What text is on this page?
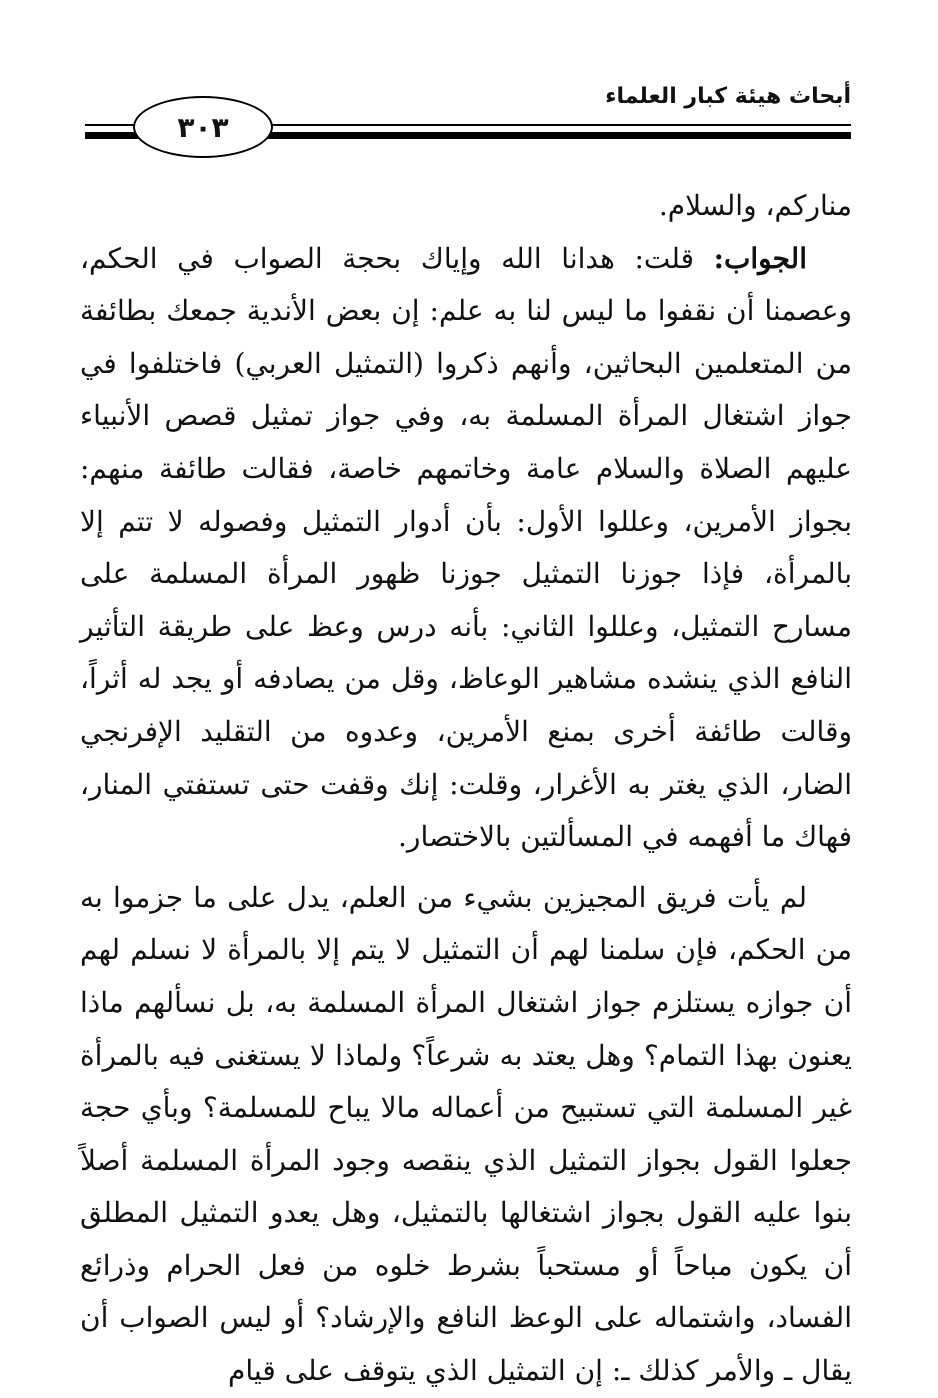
أبحاث هيئة كبار العلماء
٣٠٣

مناركم، والسلام.

الجواب: قلت: هدانا الله وإياك بحجة الصواب في الحكم، وعصمنا أن نقفوا ما ليس لنا به علم: إن بعض الأندية جمعك بطائفة من المتعلمين البحاثين، وأنهم ذكروا (التمثيل العربي) فاختلفوا في جواز اشتغال المرأة المسلمة به، وفي جواز تمثيل قصص الأنبياء عليهم الصلاة والسلام عامة وخاتمهم خاصة، فقالت طائفة منهم: بجواز الأمرين، وعللوا الأول: بأن أدوار التمثيل وفصوله لا تتم إلا بالمرأة، فإذا جوزنا التمثيل جوزنا ظهور المرأة المسلمة على مسارح التمثيل، وعللوا الثاني: بأنه درس وعظ على طريقة التأثير النافع الذي ينشده مشاهير الوعاظ، وقل من يصادفه أو يجد له أثراً، وقالت طائفة أخرى بمنع الأمرين، وعدوه من التقليد الإفرنجي الضار، الذي يغتر به الأغرار، وقلت: إنك وقفت حتى تستفتي المنار، فهاك ما أفهمه في المسألتين بالاختصار.

لم يأت فريق المجيزين بشيء من العلم، يدل على ما جزموا به من الحكم، فإن سلمنا لهم أن التمثيل لا يتم إلا بالمرأة لا نسلم لهم أن جوازه يستلزم جواز اشتغال المرأة المسلمة به، بل نسألهم ماذا يعنون بهذا التمام؟ وهل يعتد به شرعاً؟ ولماذا لا يستغنى فيه بالمرأة غير المسلمة التي تستبيح من أعماله مالا يباح للمسلمة؟ وبأي حجة جعلوا القول بجواز التمثيل الذي ينقصه وجود المرأة المسلمة أصلاً بنوا عليه القول بجواز اشتغالها بالتمثيل، وهل يعدو التمثيل المطلق أن يكون مباحاً أو مستحباً بشرط خلوه من فعل الحرام وذرائع الفساد، واشتماله على الوعظ النافع والإرشاد؟ أو ليس الصواب أن يقال ـ والأمر كذلك ـ: إن التمثيل الذي يتوقف على قيام
